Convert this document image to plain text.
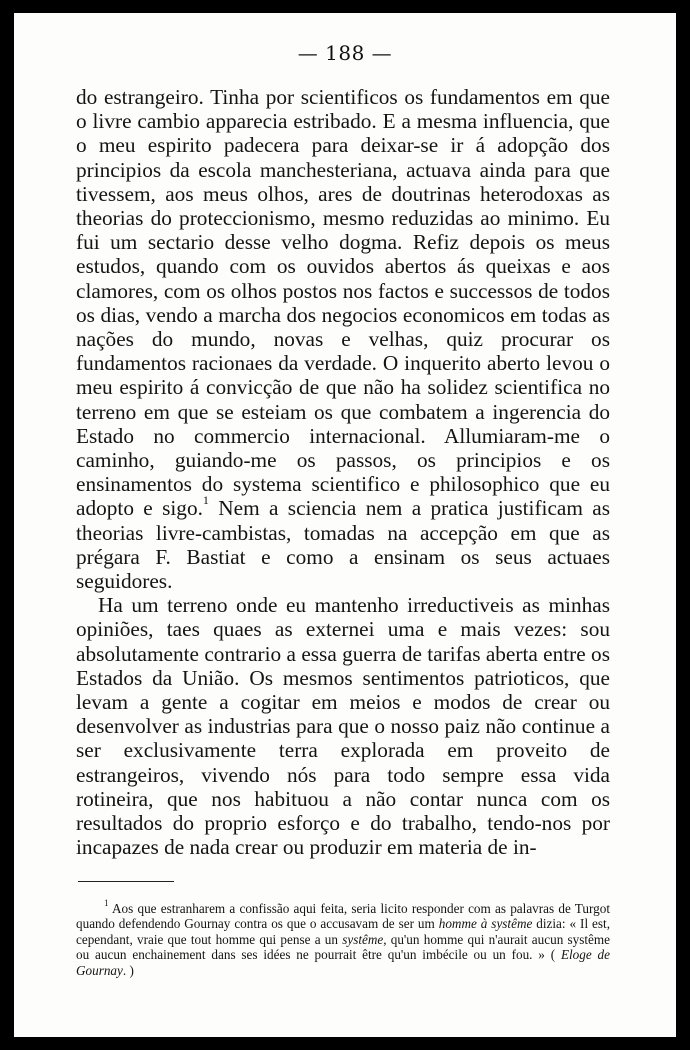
— 188 —

do estrangeiro. Tinha por scientificos os fundamentos em que o livre cambio apparecia estribado. E a mesma influencia, que o meu espirito padecera para deixar-se ir á adopção dos principios da escola manchesteriana, actuava ainda para que tivessem, aos meus olhos, ares de doutrinas heterodoxas as theorias do proteccionismo, mesmo reduzidas ao minimo. Eu fui um sectario desse velho dogma. Refiz depois os meus estudos, quando com os ouvidos abertos ás queixas e aos clamores, com os olhos postos nos factos e successos de todos os dias, vendo a marcha dos negocios economicos em todas as nações do mundo, novas e velhas, quiz procurar os fundamentos racionaes da verdade. O inquerito aberto levou o meu espirito á convicção de que não ha solidez scientifica no terreno em que se esteiam os que combatem a ingerencia do Estado no commercio internacional. Allumiaram-me o caminho, guiando-me os passos, os principios e os ensinamentos do systema scientifico e philosophico que eu adopto e sigo.$^1$ Nem a sciencia nem a pratica justificam as theorias livre-cambistas, tomadas na accepção em que as prégara F. Bastiat e como a ensinam os seus actuaes seguidores.

Ha um terreno onde eu mantenho irreductiveis as minhas opiniões, taes quaes as externei uma e mais vezes: sou absolutamente contrario a essa guerra de tarifas aberta entre os Estados da União. Os mesmos sentimentos patrioticos, que levam a gente a cogitar em meios e modos de crear ou desenvolver as industrias para que o nosso paiz não continue a ser exclusivamente terra explorada em proveito de estrangeiros, vivendo nós para todo sempre essa vida rotineira, que nos habituou a não contar nunca com os resultados do proprio esforço e do trabalho, tendo-nos por incapazes de nada crear ou produzir em materia de in-

$^1$ Aos que estranharem a confissão aqui feita, seria licito responder com as palavras de Turgot quando defendendo Gournay contra os que o accusavam de ser um homme à systême dizia: « Il est, cependant, vraie que tout homme qui pense a un systême, qu'un homme qui n'aurait aucun systême ou aucun enchainement dans ses idées ne pourrait être qu'un imbécile ou un fou. » ( Eloge de Gournay. )
